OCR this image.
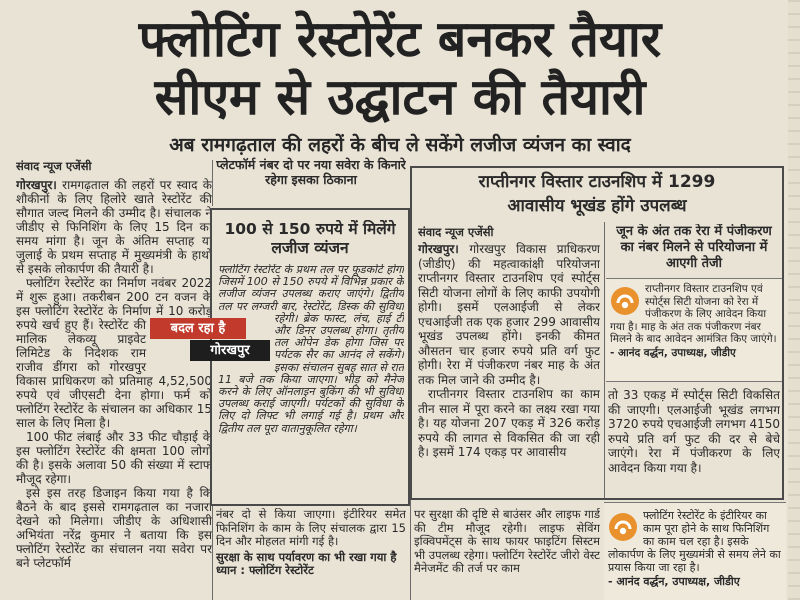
फ्लोटिंग रेस्टोरेंट बनकर तैयार
सीएम से उद्घाटन की तैयारी
अब रामगढ़ताल की लहरों के बीच ले सकेंगे लजीज व्यंजन का स्वाद
संवाद न्यूज एजेंसी

गोरखपुर। रामगढ़ताल की लहरों पर स्वाद के शौकीनों के लिए हिलोरे खाते रेस्टोरेंट की सौगात जल्द मिलने की उम्मीद है। संचालक ने जीडीए से फिनिशिंग के लिए 15 दिन का समय मांगा है। जून के अंतिम सप्ताह या जुलाई के प्रथम सप्ताह में मुख्यमंत्री के हाथों से इसके लोकार्पण की तैयारी है।

फ्लोटिंग रेस्टोरेंट का निर्माण नवंबर 2022 में शुरू हुआ। तकरीबन 200 टन वजन के इस फ्लोटिंग रेस्टोरेंट के निर्माण में 10 करोड़ रुपये खर्च हुए हैं। रेस्टोरेंट की मालिक लेकव्यू प्राइवेट लिमिटेड के निदेशक राम राजीव डींगरा को गोरखपुर विकास प्राधिकरण को प्रतिमाह 4,52,500 रुपये एवं जीएसटी देना होगा। फर्म को फ्लोटिंग रेस्टोरेंट के संचालन का अधिकार 15 साल के लिए मिला है।

100 फीट लंबाई और 33 फीट चौड़ाई के इस फ्लोटिंग रेस्टोरेंट की क्षमता 100 लोगों की है। इसके अलावा 50 की संख्या में स्टाफ मौजूद रहेगा।

इसे इस तरह डिजाइन किया गया है कि बैठने के बाद इससे रामगढ़ताल का नजारा देखने को मिलेगा। जीडीए के अधिशासी अभियंता नरेंद्र कुमार ने बताया कि इस फ्लोटिंग रेस्टोरेंट का संचालन नया सवेरा पर बने प्लेटफॉर्म

प्लेटफॉर्म नंबर दो पर नया सवेरा के किनारे रहेगा इसका ठिकाना
100 से 150 रुपये में मिलेंगे लजीज व्यंजन
फ्लोटिंग रेस्टोरेंट के प्रथम तल पर फूडकोर्ट होगा जिसमें 100 से 150 रुपये में विभिन्न प्रकार के लजीज व्यंजन उपलब्ध कराए जाएंगे। द्वितीय तल पर लग्जरी बार, रेस्टोरेंट, डिस्क की सुविधा रहेगी। ब्रेक फास्ट, लंच, हाई टी और डिनर उपलब्ध होगा। तृतीय तल ओपेन डेक होगा जिस पर पर्यटक सैर का आनंद ले सकेंगे। इसका संचालन सुबह सात से रात 11 बजे तक किया जाएगा। भीड़ को मैनेज करने के लिए ऑनलाइन बुकिंग की भी सुविधा उपलब्ध कराई जाएगी। पर्यटकों की सुविधा के लिए दो लिफ्ट भी लगाई गई है। प्रथम और द्वितीय तल पूरा वातानुकूलित रहेगा।

नंबर दो से किया जाएगा। इंटीरियर समेत फिनिशिंग के काम के लिए संचालक द्वारा 15 दिन और मोहलत मांगी गई है।

सुरक्षा के साथ पर्यावरण का भी रखा गया है ध्यान : फ्लोटिंग रेस्टोरेंट

पर सुरक्षा की दृष्टि से बाउंसर और लाइफ गार्ड की टीम मौजूद रहेगी। लाइफ सेविंग इक्विपमेंट्स के साथ फायर फाइटिंग सिस्टम भी उपलब्ध रहेगा। फ्लोटिंग रेस्टोरेंट जीरो वेस्ट मैनेजमेंट की तर्ज पर काम

बदल रहा है
गोरखपुर
राप्तीनगर विस्तार टाउनशिप में 1299
आवासीय भूखंड होंगे उपलब्ध
संवाद न्यूज एजेंसी

गोरखपुर। गोरखपुर विकास प्राधिकरण (जीडीए) की महत्वाकांक्षी परियोजना राप्तीनगर विस्तार टाउनशिप एवं स्पोर्ट्स सिटी योजना लोगों के लिए काफी उपयोगी होगी। इसमें एलआईजी से लेकर एचआईजी तक एक हजार 299 आवासीय भूखंड उपलब्ध होंगे। इनकी कीमत औसतन चार हजार रुपये प्रति वर्ग फुट होगी। रेरा में पंजीकरण नंबर माह के अंत तक मिल जाने की उम्मीद है।

राप्तीनगर विस्तार टाउनशिप का काम तीन साल में पूरा करने का लक्ष्य रखा गया है। यह योजना 207 एकड़ में 326 करोड़ रुपये की लागत से विकसित की जा रही है। इसमें 174 एकड़ पर आवासीय

जून के अंत तक रेरा में पंजीकरण का नंबर मिलने से परियोजना में आएगी तेजी
राप्तीनगर विस्तार टाउनशिप एवं स्पोर्ट्स सिटी योजना को रेरा में पंजीकरण के लिए आवेदन किया गया है। माह के अंत तक पंजीकरण नंबर मिलने के बाद आवेदन आमंत्रित किए जाएंगे।
- आनंद वर्द्धन, उपाध्यक्ष, जीडीए

तो 33 एकड़ में स्पोर्ट्स सिटी विकसित की जाएगी। एलआईजी भूखंड लगभग 3720 रुपये एचआईजी लगभग 4150 रुपये प्रति वर्ग फुट की दर से बेचे जाएंगे। रेरा में पंजीकरण के लिए आवेदन किया गया है।

फ्लोटिंग रेस्टोरेंट के इंटीरियर का काम पूरा होने के साथ फिनिशिंग का काम चल रहा है। इसके लोकार्पण के लिए मुख्यमंत्री से समय लेने का प्रयास किया जा रहा है।
- आनंद वर्द्धन, उपाध्यक्ष, जीडीए
